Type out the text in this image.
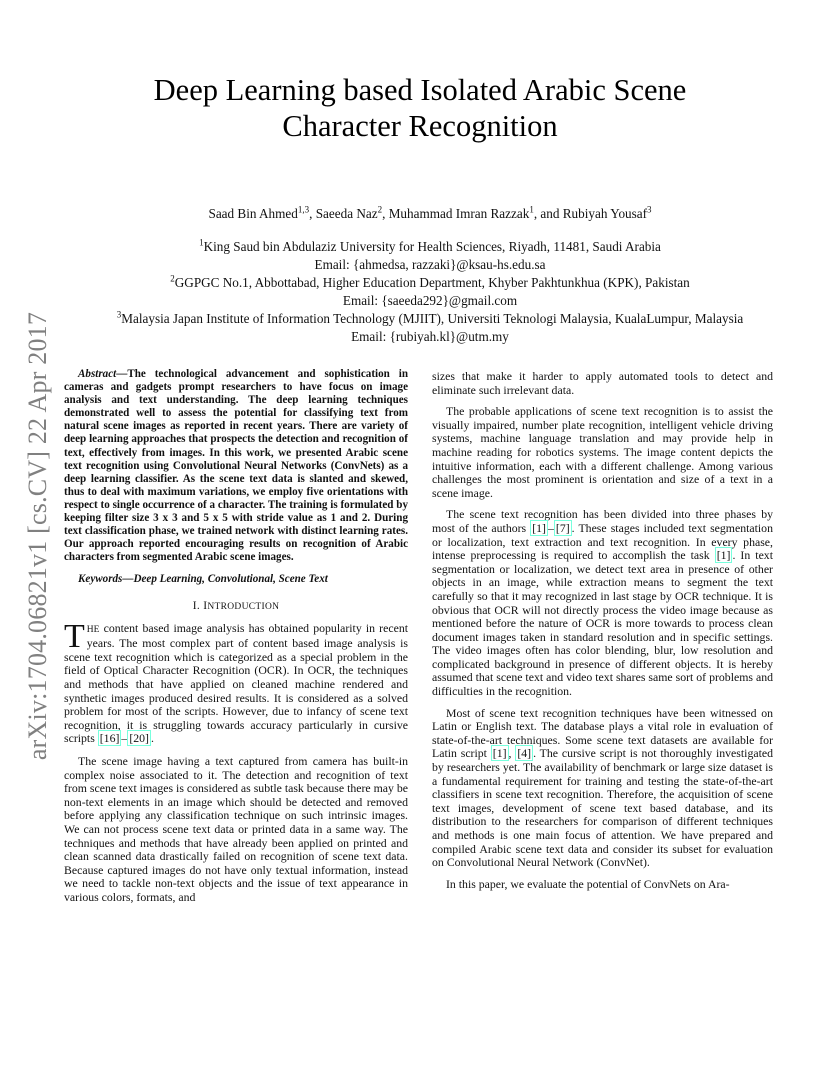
arXiv:1704.06821v1 [cs.CV] 22 Apr 2017
Deep Learning based Isolated Arabic Scene
Character Recognition
Saad Bin Ahmed$^{1,3}$, Saeeda Naz$^2$, Muhammad Imran Razzak$^1$, and Rubiyah Yousaf$^3$
$^1$King Saud bin Abdulaziz University for Health Sciences, Riyadh, 11481, Saudi Arabia
Email: {ahmedsa, razzaki}@ksau-hs.edu.sa
$^2$GGPGC No.1, Abbottabad, Higher Education Department, Khyber Pakhtunkhua (KPK), Pakistan
Email: {saeeda292}@gmail.com
$^3$Malaysia Japan Institute of Information Technology (MJIIT), Universiti Teknologi Malaysia, KualaLumpur, Malaysia
Email: {rubiyah.kl}@utm.my

Abstract—The technological advancement and sophistication in cameras and gadgets prompt researchers to have focus on image analysis and text understanding. The deep learning techniques demonstrated well to assess the potential for classifying text from natural scene images as reported in recent years. There are variety of deep learning approaches that prospects the detection and recognition of text, effectively from images. In this work, we presented Arabic scene text recognition using Convolutional Neural Networks (ConvNets) as a deep learning classifier. As the scene text data is slanted and skewed, thus to deal with maximum variations, we employ five orientations with respect to single occurrence of a character. The training is formulated by keeping filter size 3 x 3 and 5 x 5 with stride value as 1 and 2. During text classification phase, we trained network with distinct learning rates. Our approach reported encouraging results on recognition of Arabic characters from segmented Arabic scene images.

Keywords—Deep Learning, Convolutional, Scene Text

I. INTRODUCTION

THE content based image analysis has obtained popularity in recent years. The most complex part of content based image analysis is scene text recognition which is categorized as a special problem in the field of Optical Character Recognition (OCR). In OCR, the techniques and methods that have applied on cleaned machine rendered and synthetic images produced desired results. It is considered as a solved problem for most of the scripts. However, due to infancy of scene text recognition, it is struggling towards accuracy particularly in cursive scripts [16] – [20] .

The scene image having a text captured from camera has built-in complex noise associated to it. The detection and recognition of text from scene text images is considered as subtle task because there may be non-text elements in an image which should be detected and removed before applying any classification technique on such intrinsic images. We can not process scene text data or printed data in a same way. The techniques and methods that have already been applied on printed and clean scanned data drastically failed on recognition of scene text data. Because captured images do not have only textual information, instead we need to tackle non-text objects and the issue of text appearance in various colors, formats, and

sizes that make it harder to apply automated tools to detect and eliminate such irrelevant data.

The probable applications of scene text recognition is to assist the visually impaired, number plate recognition, intelligent vehicle driving systems, machine language translation and may provide help in machine reading for robotics systems. The image content depicts the intuitive information, each with a different challenge. Among various challenges the most prominent is orientation and size of a text in a scene image.

The scene text recognition has been divided into three phases by most of the authors [1] – [7] . These stages included text segmentation or localization, text extraction and text recognition. In every phase, intense preprocessing is required to accomplish the task [1] . In text segmentation or localization, we detect text area in presence of other objects in an image, while extraction means to segment the text carefully so that it may recognized in last stage by OCR technique. It is obvious that OCR will not directly process the video image because as mentioned before the nature of OCR is more towards to process clean document images taken in standard resolution and in specific settings. The video images often has color blending, blur, low resolution and complicated background in presence of different objects. It is hereby assumed that scene text and video text shares same sort of problems and difficulties in the recognition.

Most of scene text recognition techniques have been witnessed on Latin or English text. The database plays a vital role in evaluation of state-of-the-art techniques. Some scene text datasets are available for Latin script [1] , [4] . The cursive script is not thoroughly investigated by researchers yet. The availability of benchmark or large size dataset is a fundamental requirement for training and testing the state-of-the-art classifiers in scene text recognition. Therefore, the acquisition of scene text images, development of scene text based database, and its distribution to the researchers for comparison of different techniques and methods is one main focus of attention. We have prepared and compiled Arabic scene text data and consider its subset for evaluation on Convolutional Neural Network (ConvNet).

In this paper, we evaluate the potential of ConvNets on Ara-
